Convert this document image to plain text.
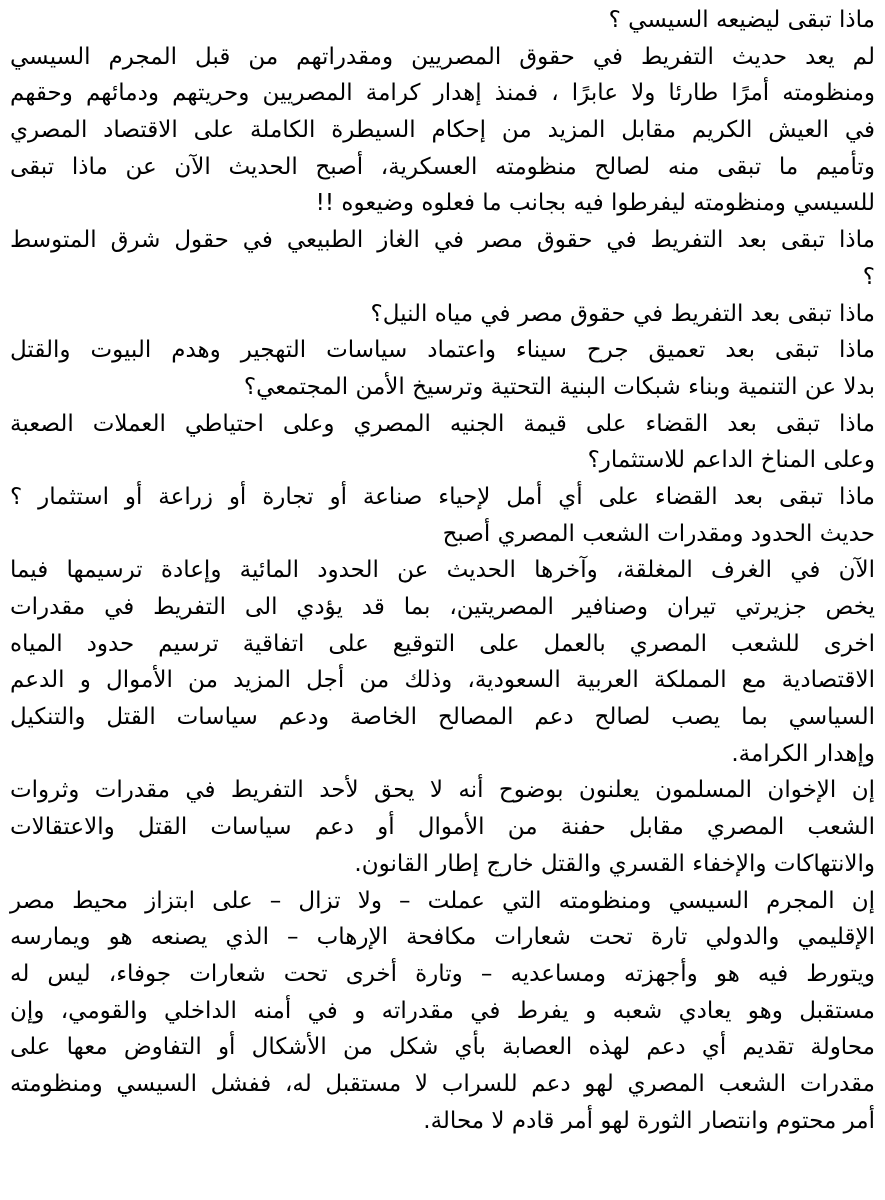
ماذا تبقى ليضيعه السيسي ؟
لم يعد حديث التفريط في حقوق المصريين ومقدراتهم من قبل المجرم السيسي
ومنظومته أمرًا طارئا ولا عابرًا ، فمنذ إهدار كرامة المصريين وحريتهم ودمائهم وحقهم
في العيش الكريم مقابل المزيد من إحكام السيطرة الكاملة على الاقتصاد المصري
وتأميم ما تبقى منه لصالح منظومته العسكرية، أصبح الحديث الآن عن ماذا تبقى
للسيسي ومنظومته ليفرطوا فيه بجانب ما فعلوه وضيعوه !!
ماذا تبقى بعد التفريط في حقوق مصر في الغاز الطبيعي في حقول شرق المتوسط
؟
ماذا تبقى بعد التفريط في حقوق مصر في مياه النيل؟
ماذا تبقى بعد تعميق جرح سيناء واعتماد سياسات التهجير وهدم البيوت والقتل
بدلا عن التنمية وبناء شبكات البنية التحتية وترسيخ الأمن المجتمعي؟
ماذا تبقى بعد القضاء على قيمة الجنيه المصري وعلى احتياطي العملات الصعبة
وعلى المناخ الداعم للاستثمار؟
ماذا تبقى بعد القضاء على أي أمل لإحياء صناعة أو تجارة أو زراعة أو استثمار ؟
حديث الحدود ومقدرات الشعب المصري أصبح
الآن في الغرف المغلقة، وآخرها الحديث عن الحدود المائية وإعادة ترسيمها فيما
يخص جزيرتي تيران وصنافير المصريتين، بما قد يؤدي الى التفريط في مقدرات
اخرى للشعب المصري بالعمل على التوقيع على اتفاقية ترسيم حدود المياه
الاقتصادية مع المملكة العربية السعودية، وذلك من أجل المزيد من الأموال و الدعم
السياسي بما يصب لصالح دعم المصالح الخاصة ودعم سياسات القتل والتنكيل
وإهدار الكرامة.
إن الإخوان المسلمون يعلنون بوضوح أنه لا يحق لأحد التفريط في مقدرات وثروات
الشعب المصري مقابل حفنة من الأموال أو دعم سياسات القتل والاعتقالات
والانتهاكات والإخفاء القسري والقتل خارج إطار القانون.
إن المجرم السيسي ومنظومته التي عملت – ولا تزال – على ابتزاز محيط مصر
الإقليمي والدولي تارة تحت شعارات مكافحة الإرهاب – الذي يصنعه هو ويمارسه
ويتورط فيه هو وأجهزته ومساعديه – وتارة أخرى تحت شعارات جوفاء، ليس له
مستقبل وهو يعادي شعبه و يفرط في مقدراته و في أمنه الداخلي والقومي، وإن
محاولة تقديم أي دعم لهذه العصابة بأي شكل من الأشكال أو التفاوض معها على
مقدرات الشعب المصري لهو دعم للسراب لا مستقبل له، ففشل السيسي ومنظومته
أمر محتوم وانتصار الثورة لهو أمر قادم لا محالة.
